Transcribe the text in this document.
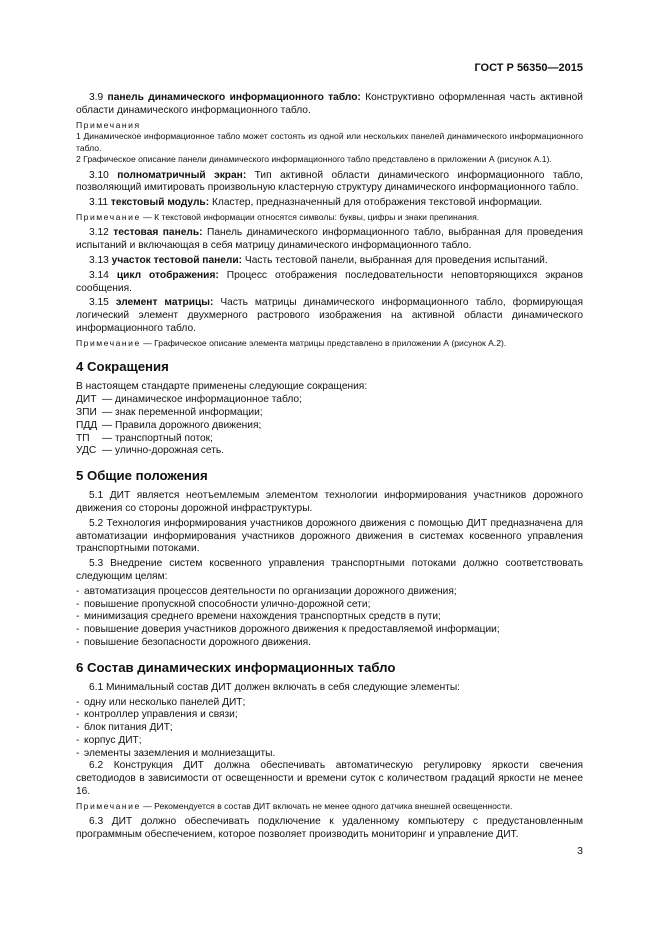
ГОСТ Р 56350—2015

3.9 панель динамического информационного табло: Конструктивно оформленная часть активной области динамического информационного табло.

Примечания

1 Динамическое информационное табло может состоять из одной или нескольких панелей динамического информационного табло.

2 Графическое описание панели динамического информационного табло представлено в приложении А (рисунок А.1).

3.10 полноматричный экран: Тип активной области динамического информационного табло, позволяющий имитировать произвольную кластерную структуру динамического информационного табло.

3.11 текстовый модуль: Кластер, предназначенный для отображения текстовой информации.

Примечание — К текстовой информации относятся символы: буквы, цифры и знаки препинания.

3.12 тестовая панель: Панель динамического информационного табло, выбранная для проведения испытаний и включающая в себя матрицу динамического информационного табло.

3.13 участок тестовой панели: Часть тестовой панели, выбранная для проведения испытаний.

3.14 цикл отображения: Процесс отображения последовательности неповторяющихся экранов сообщения.

3.15 элемент матрицы: Часть матрицы динамического информационного табло, формирующая логический элемент двухмерного растрового изображения на активной области динамического информационного табло.

Примечание — Графическое описание элемента матрицы представлено в приложении А (рисунок А.2).

4 Сокращения

В настоящем стандарте применены следующие сокращения:

ДИТ — динамическое информационное табло;
ЗПИ — знак переменной информации;
ПДД — Правила дорожного движения;
ТП	— транспортный поток;
УДС — улично-дорожная сеть.
5 Общие положения

5.1 ДИТ является неотъемлемым элементом технологии информирования участников дорожного движения со стороны дорожной инфраструктуры.

5.2 Технология информирования участников дорожного движения с помощью ДИТ предназначена для автоматизации информирования участников дорожного движения в системах косвенного управления транспортными потоками.

5.3 Внедрение систем косвенного управления транспортными потоками должно соответствовать следующим целям:

- автоматизация процессов деятельности по организации дорожного движения;
- повышение пропускной способности улично-дорожной сети;
- минимизация среднего времени нахождения транспортных средств в пути;
- повышение доверия участников дорожного движения к предоставляемой информации;
- повышение безопасности дорожного движения.
6 Состав динамических информационных табло

6.1 Минимальный состав ДИТ должен включать в себя следующие элементы:

- одну или несколько панелей ДИТ;
- контроллер управления и связи;
- блок питания ДИТ;
- корпус ДИТ;
- элементы заземления и молниезащиты.

6.2 Конструкция ДИТ должна обеспечивать автоматическую регулировку яркости свечения светодиодов в зависимости от освещенности и времени суток с количеством градаций яркости не менее 16.

Примечание — Рекомендуется в состав ДИТ включать не менее одного датчика внешней освещенности.

6.3 ДИТ должно обеспечивать подключение к удаленному компьютеру с предустановленным программным обеспечением, которое позволяет производить мониторинг и управление ДИТ.

3
